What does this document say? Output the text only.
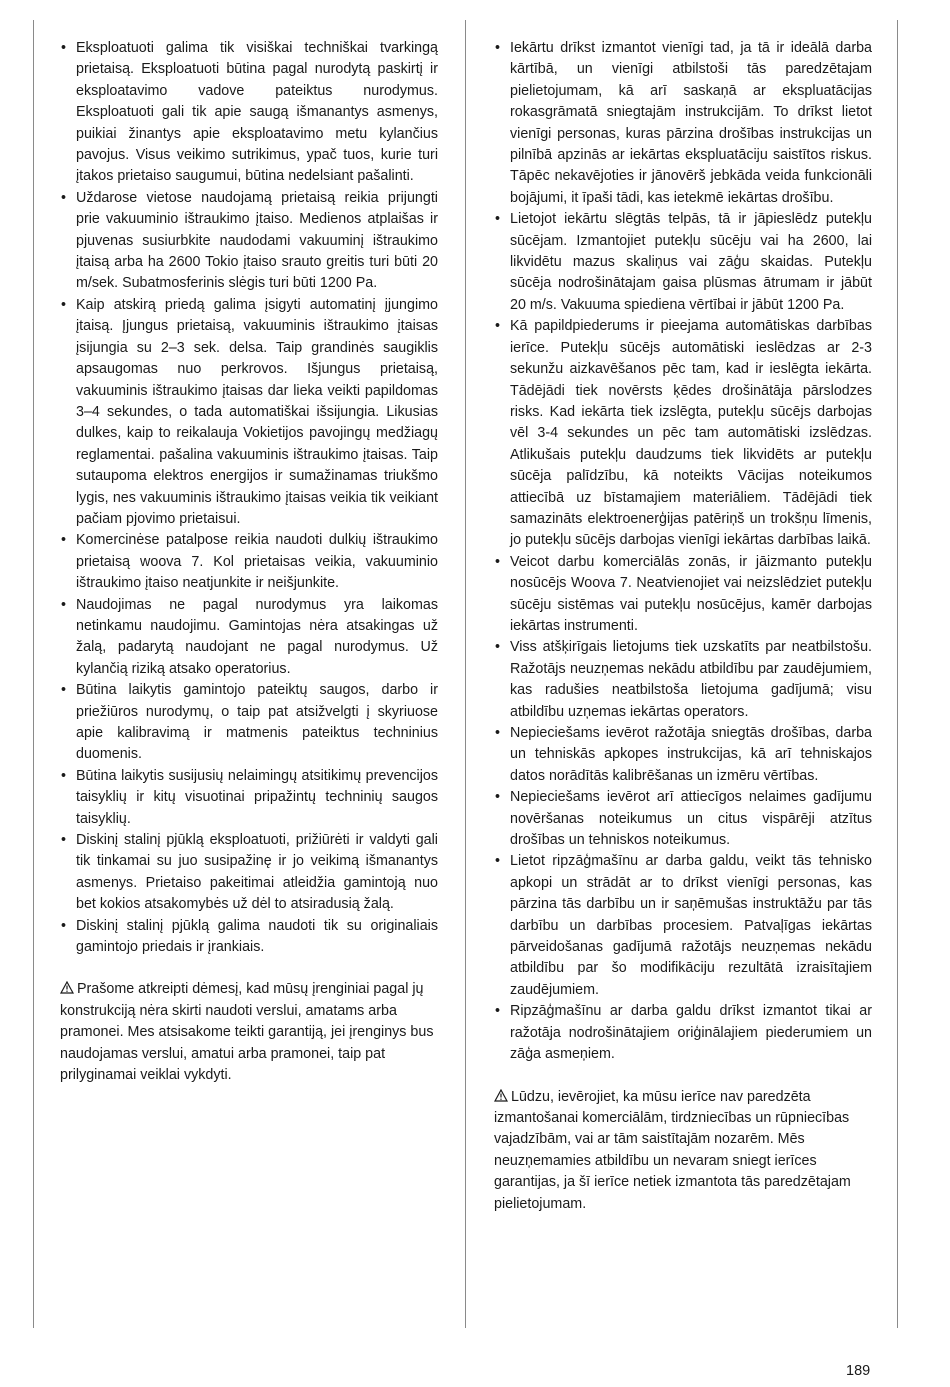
• Eksploatuoti galima tik visiškai techniškai tvarkingą prietaisą. Eksploatuoti būtina pagal nurodytą paskirtį ir eksploatavimo vadove pateiktus nurodymus. Eksploatuoti gali tik apie saugą išmanantys asmenys, puikiai žinantys apie eksploatavimo metu kylančius pavojus. Visus veikimo sutrikimus, ypač tuos, kurie turi įtakos prietaiso saugumui, būtina nedelsiant pašalinti.
• Uždarose vietose naudojamą prietaisą reikia prijungti prie vakuuminio ištraukimo įtaiso. Medienos atplaišas ir pjuvenas susiurbkite naudodami vakuuminį ištraukimo įtaisą arba ha 2600 Tokio įtaiso srauto greitis turi būti 20 m/sek. Subatmosferinis slėgis turi būti 1200 Pa.
• Kaip atskirą priedą galima įsigyti automatinį įjungimo įtaisą. Įjungus prietaisą, vakuuminis ištraukimo įtaisas įsijungia su 2–3 sek. delsa. Taip grandinės saugiklis apsaugomas nuo perkrovos. Išjungus prietaisą, vakuuminis ištraukimo įtaisas dar lieka veikti papildomas 3–4 sekundes, o tada automatiškai išsijungia. Likusias dulkes, kaip to reikalauja Vokietijos pavojingų medžiagų reglamentai. pašalina vakuuminis ištraukimo įtaisas. Taip sutaupoma elektros energijos ir sumažinamas triukšmo lygis, nes vakuuminis ištraukimo įtaisas veikia tik veikiant pačiam pjovimo prietaisui.
• Komercinėse patalpose reikia naudoti dulkių ištraukimo prietaisą woova 7. Kol prietaisas veikia, vakuuminio ištraukimo įtaiso neatjunkite ir neišjunkite.
• Naudojimas ne pagal nurodymus yra laikomas netinkamu naudojimu. Gamintojas nėra atsakingas už žalą, padarytą naudojant ne pagal nurodymus. Už kylančią riziką atsako operatorius.
• Būtina laikytis gamintojo pateiktų saugos, darbo ir priežiūros nurodymų, o taip pat atsižvelgti į skyriuose apie kalibravimą ir matmenis pateiktus techninius duomenis.
• Būtina laikytis susijusių nelaimingų atsitikimų prevencijos taisyklių ir kitų visuotinai pripažintų techninių saugos taisyklių.
• Diskinį stalinį pjūklą eksploatuoti, prižiūrėti ir valdyti gali tik tinkamai su juo susipažinę ir jo veikimą išmanantys asmenys. Prietaiso pakeitimai atleidžia gamintoją nuo bet kokios atsakomybės už dėl to atsiradusią žalą.
• Diskinį stalinį pjūklą galima naudoti tik su originaliais gamintojo priedais ir įrankiais.

Prašome atkreipti dėmesį, kad mūsų įrenginiai pagal jų konstrukciją nėra skirti naudoti verslui, amatams arba pramonei. Mes atsisakome teikti garantiją, jei įrenginys bus naudojamas verslui, amatui arba pramonei, taip pat prilyginamai veiklai vykdyti.

• Iekārtu drīkst izmantot vienīgi tad, ja tā ir ideālā darba kārtībā, un vienīgi atbilstoši tās paredzētajam pielietojumam, kā arī saskaņā ar ekspluatācijas rokasgrāmatā sniegtajām instrukcijām. To drīkst lietot vienīgi personas, kuras pārzina drošības instrukcijas un pilnībā apzinās ar iekārtas ekspluatāciju saistītos riskus. Tāpēc nekavējoties ir jānovērš jebkāda veida funkcionāli bojājumi, it īpaši tādi, kas ietekmē iekārtas drošību.
• Lietojot iekārtu slēgtās telpās, tā ir jāpieslēdz putekļu sūcējam. Izmantojiet putekļu sūcēju vai ha 2600, lai likvidētu mazus skaliņus vai zāģu skaidas. Putekļu sūcēja nodrošinātajam gaisa plūsmas ātrumam ir jābūt 20 m/s. Vakuuma spiediena vērtībai ir jābūt 1200 Pa.
• Kā papildpiederums ir pieejama automātiskas darbības ierīce. Putekļu sūcējs automātiski ieslēdzas ar 2-3 sekunžu aizkavēšanos pēc tam, kad ir ieslēgta iekārta. Tādējādi tiek novērsts ķēdes drošinātāja pārslodzes risks. Kad iekārta tiek izslēgta, putekļu sūcējs darbojas vēl 3-4 sekundes un pēc tam automātiski izslēdzas. Atlikušais putekļu daudzums tiek likvidēts ar putekļu sūcēja palīdzību, kā noteikts Vācijas noteikumos attiecībā uz bīstamajiem materiāliem. Tādējādi tiek samazināts elektroenerģijas patēriņš un trokšņu līmenis, jo putekļu sūcējs darbojas vienīgi iekārtas darbības laikā.
• Veicot darbu komerciālās zonās, ir jāizmanto putekļu nosūcējs Woova 7. Neatvienojiet vai neizslēdziet putekļu sūcēju sistēmas vai putekļu nosūcējus, kamēr darbojas iekārtas instrumenti.
• Viss atšķirīgais lietojums tiek uzskatīts par neatbilstošu. Ražotājs neuzņemas nekādu atbildību par zaudējumiem, kas radušies neatbilstoša lietojuma gadījumā; visu atbildību uzņemas iekārtas operators.
• Nepieciešams ievērot ražotāja sniegtās drošības, darba un tehniskās apkopes instrukcijas, kā arī tehniskajos datos norādītās kalibrēšanas un izmēru vērtības.
• Nepieciešams ievērot arī attiecīgos nelaimes gadījumu novēršanas noteikumus un citus vispārēji atzītus drošības un tehniskos noteikumus.
• Lietot ripzāģmašīnu ar darba galdu, veikt tās tehnisko apkopi un strādāt ar to drīkst vienīgi personas, kas pārzina tās darbību un ir saņēmušas instruktāžu par tās darbību un darbības procesiem. Patvaļīgas iekārtas pārveidošanas gadījumā ražotājs neuzņemas nekādu atbildību par šo modifikāciju rezultātā izraisītajiem zaudējumiem.
• Ripzāģmašīnu ar darba galdu drīkst izmantot tikai ar ražotāja nodrošinātajiem oriģinālajiem piederumiem un zāģa asmeņiem.

Lūdzu, ievērojiet, ka mūsu ierīce nav paredzēta izmantošanai komerciālām, tirdzniecības un rūpniecības vajadzībām, vai ar tām saistītajām nozarēm. Mēs neuzņemamies atbildību un nevaram sniegt ierīces garantijas, ja šī ierīce netiek izmantota tās paredzētajam pielietojumam.

189
